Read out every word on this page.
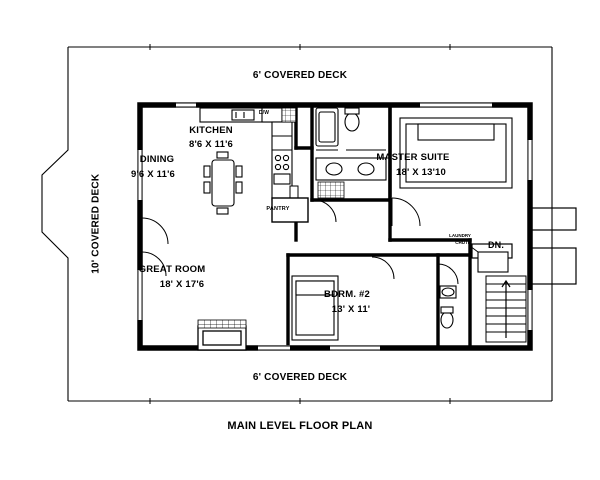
6' COVERED DECK
6' COVERED DECK
10' COVERED DECK
KITCHEN
8'6 X 11'6
DINING
9'6 X 11'6
GREAT ROOM
18' X 17'6
MASTER SUITE
18' X 13'10
BDRM. #2
13' X 11'
PANTRY
LAUNDRY
CHUTE DN.
D/W
MAIN LEVEL FLOOR PLAN
